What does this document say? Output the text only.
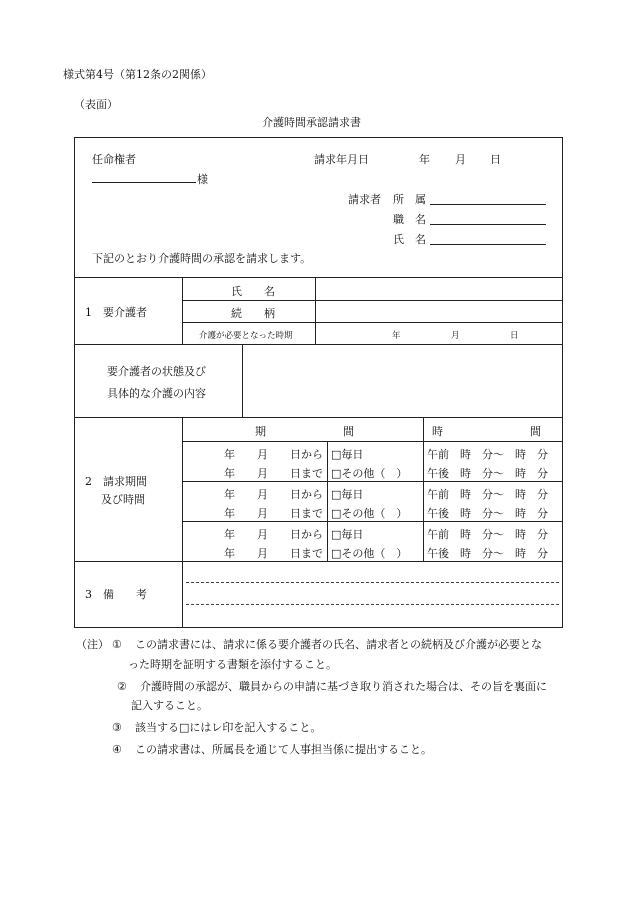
様式第4号（第12条の2関係）
（表面）
介護時間承認請求書
任命権者
様
請求年月日	年 月 日
請求者 所　属
職　名
氏　名
下記のとおり介護時間の承認を請求します。
1　要介護者
氏　　名
続　　柄
介護が必要となった時期	年	月	日
要介護者の状態及び
具体的な介護の内容
2　請求期間
及び時間
期	間	時	間
年　　月　　日から □毎日	午前　時　分～　時　分
年　　月　　日まで □その他（　） 午後　時　分～　時　分
年　　月　　日から □毎日	午前　時　分～　時　分
年　　月　　日まで □その他（　） 午後　時　分～　時　分
年　　月　　日から □毎日	午前　時　分～　時　分
年　　月　　日まで □その他（　） 午後　時　分～　時　分
3　備　　考
（注） ① この請求書には、請求に係る要介護者の氏名、請求者との続柄及び介護が必要とな
った時期を証明する書類を添付すること。
② 介護時間の承認が、職員からの申請に基づき取り消された場合は、その旨を裏面に
記入すること。
③ 該当する□にはレ印を記入すること。
④ この請求書は、所属長を通じて人事担当係に提出すること。
